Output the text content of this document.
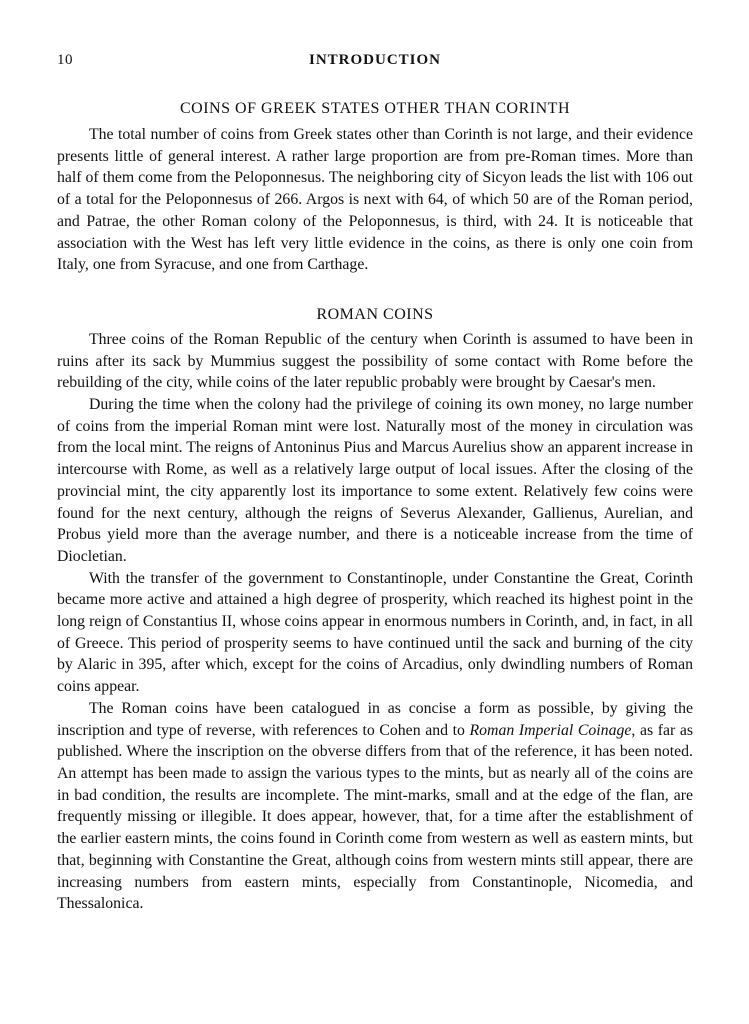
10	INTRODUCTION
COINS OF GREEK STATES OTHER THAN CORINTH

The total number of coins from Greek states other than Corinth is not large, and their evidence presents little of general interest. A rather large proportion are from pre-Roman times. More than half of them come from the Peloponnesus. The neighboring city of Sicyon leads the list with 106 out of a total for the Peloponnesus of 266. Argos is next with 64, of which 50 are of the Roman period, and Patrae, the other Roman colony of the Peloponnesus, is third, with 24. It is noticeable that association with the West has left very little evidence in the coins, as there is only one coin from Italy, one from Syracuse, and one from Carthage.

ROMAN COINS

Three coins of the Roman Republic of the century when Corinth is assumed to have been in ruins after its sack by Mummius suggest the possibility of some contact with Rome before the rebuilding of the city, while coins of the later republic probably were brought by Caesar's men.

During the time when the colony had the privilege of coining its own money, no large number of coins from the imperial Roman mint were lost. Naturally most of the money in circulation was from the local mint. The reigns of Antoninus Pius and Marcus Aurelius show an apparent increase in intercourse with Rome, as well as a relatively large output of local issues. After the closing of the provincial mint, the city apparently lost its importance to some extent. Relatively few coins were found for the next century, although the reigns of Severus Alexander, Gallienus, Aurelian, and Probus yield more than the average number, and there is a noticeable increase from the time of Diocletian.

With the transfer of the government to Constantinople, under Constantine the Great, Corinth became more active and attained a high degree of prosperity, which reached its highest point in the long reign of Constantius II, whose coins appear in enormous numbers in Corinth, and, in fact, in all of Greece. This period of prosperity seems to have continued until the sack and burning of the city by Alaric in 395, after which, except for the coins of Arcadius, only dwindling numbers of Roman coins appear.

The Roman coins have been catalogued in as concise a form as possible, by giving the inscription and type of reverse, with references to Cohen and to Roman Imperial Coinage, as far as published. Where the inscription on the obverse differs from that of the reference, it has been noted. An attempt has been made to assign the various types to the mints, but as nearly all of the coins are in bad condition, the results are incomplete. The mint-marks, small and at the edge of the flan, are frequently missing or illegible. It does appear, however, that, for a time after the establishment of the earlier eastern mints, the coins found in Corinth come from western as well as eastern mints, but that, beginning with Constantine the Great, although coins from western mints still appear, there are increasing numbers from eastern mints, especially from Constantinople, Nicomedia, and Thessalonica.
